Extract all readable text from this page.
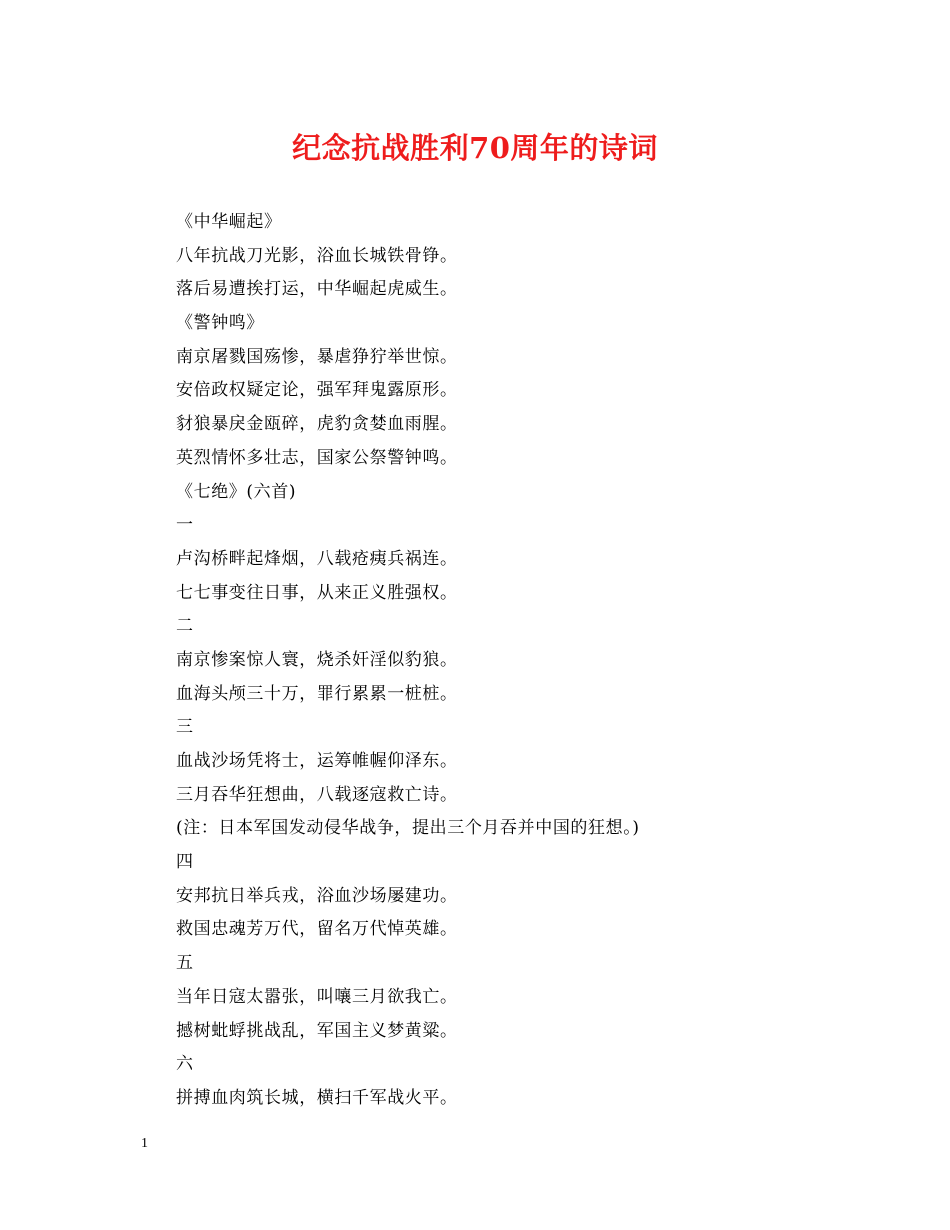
纪念抗战胜利70周年的诗词
《中华崛起》
八年抗战刀光影，浴血长城铁骨铮。
落后易遭挨打运，中华崛起虎威生。
《警钟鸣》
南京屠戮国殇惨，暴虐狰狞举世惊。
安倍政权疑定论，强军拜鬼露原形。
豺狼暴戾金瓯碎，虎豹贪婪血雨腥。
英烈情怀多壮志，国家公祭警钟鸣。
《七绝》(六首)
一
卢沟桥畔起烽烟，八载疮痍兵祸连。
七七事变往日事，从来正义胜强权。
二
南京惨案惊人寰，烧杀奸淫似豹狼。
血海头颅三十万，罪行累累一桩桩。
三
血战沙场凭将士，运筹帷幄仰泽东。
三月吞华狂想曲，八载逐寇救亡诗。
(注：日本军国发动侵华战争，提出三个月吞并中国的狂想。)
四
安邦抗日举兵戎，浴血沙场屡建功。
救国忠魂芳万代，留名万代悼英雄。
五
当年日寇太嚣张，叫嚷三月欲我亡。
撼树蚍蜉挑战乱，军国主义梦黄粱。
六
拼搏血肉筑长城，横扫千军战火平。
1
